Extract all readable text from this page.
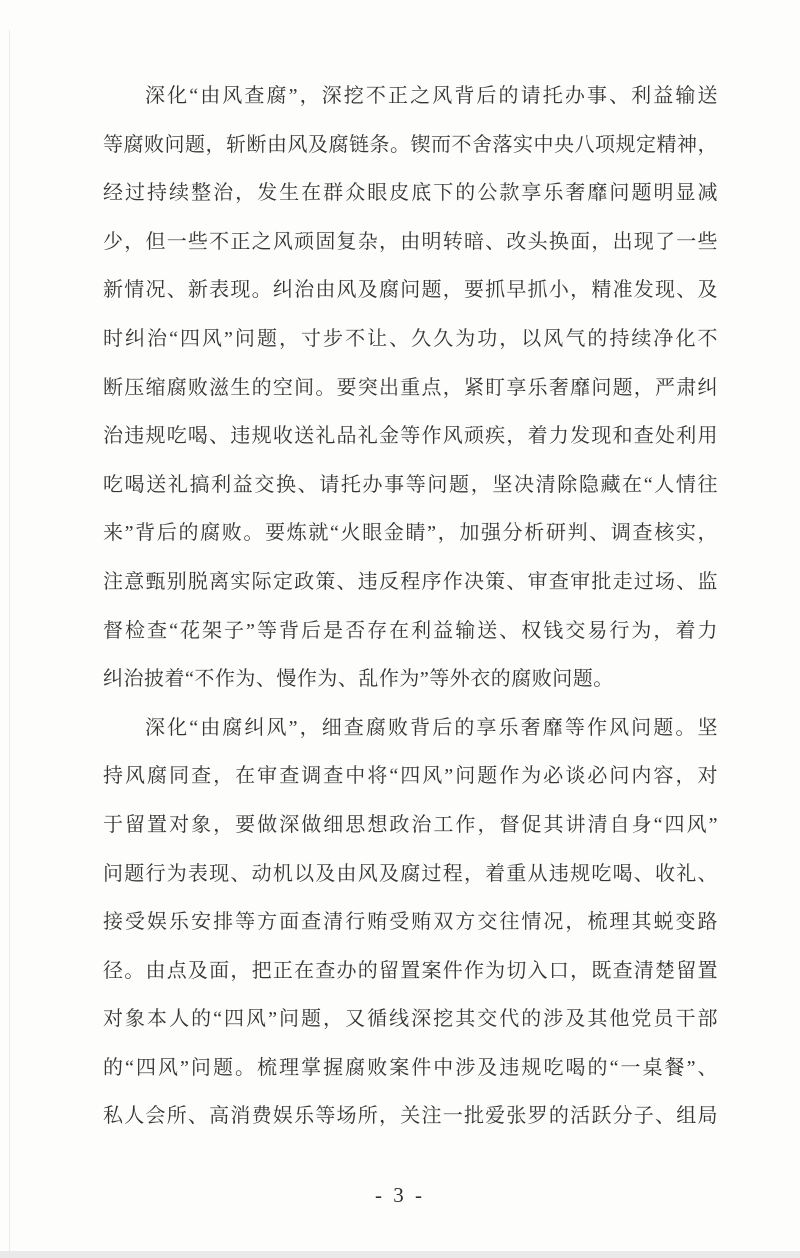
深化“由风查腐”，深挖不正之风背后的请托办事、利益输送
等腐败问题，斩断由风及腐链条。锲而不舍落实中央八项规定精神，
经过持续整治，发生在群众眼皮底下的公款享乐奢靡问题明显减
少，但一些不正之风顽固复杂，由明转暗、改头换面，出现了一些
新情况、新表现。纠治由风及腐问题，要抓早抓小，精准发现、及
时纠治“四风”问题，寸步不让、久久为功，以风气的持续净化不
断压缩腐败滋生的空间。要突出重点，紧盯享乐奢靡问题，严肃纠
治违规吃喝、违规收送礼品礼金等作风顽疾，着力发现和查处利用
吃喝送礼搞利益交换、请托办事等问题，坚决清除隐藏在“人情往
来”背后的腐败。要炼就“火眼金睛”，加强分析研判、调查核实，
注意甄别脱离实际定政策、违反程序作决策、审查审批走过场、监
督检查“花架子”等背后是否存在利益输送、权钱交易行为，着力
纠治披着“不作为、慢作为、乱作为”等外衣的腐败问题。
深化“由腐纠风”，细查腐败背后的享乐奢靡等作风问题。坚
持风腐同查，在审查调查中将“四风”问题作为必谈必问内容，对
于留置对象，要做深做细思想政治工作，督促其讲清自身“四风”
问题行为表现、动机以及由风及腐过程，着重从违规吃喝、收礼、
接受娱乐安排等方面查清行贿受贿双方交往情况，梳理其蜕变路
径。由点及面，把正在查办的留置案件作为切入口，既查清楚留置
对象本人的“四风”问题，又循线深挖其交代的涉及其他党员干部
的“四风”问题。梳理掌握腐败案件中涉及违规吃喝的“一桌餐”、
私人会所、高消费娱乐等场所，关注一批爱张罗的活跃分子、组局
- 3 -
